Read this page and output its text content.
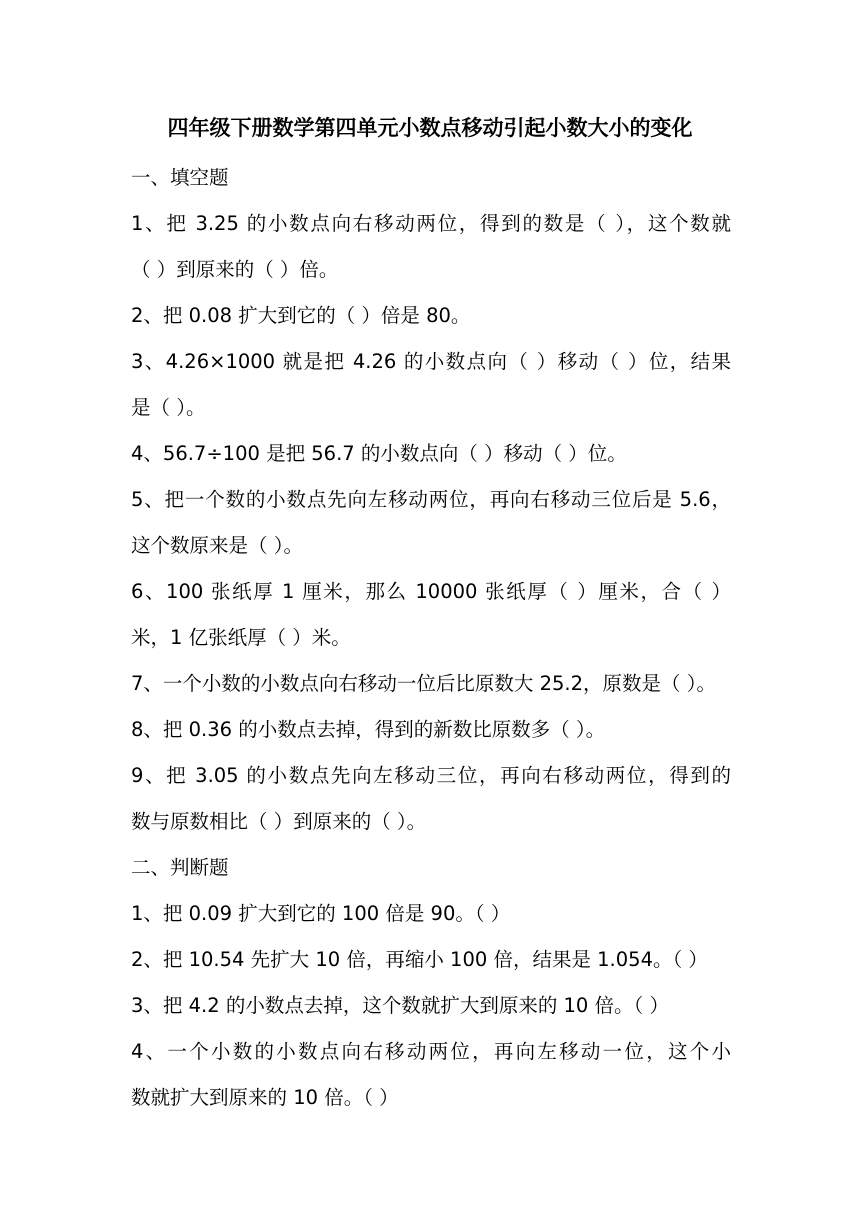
四年级下册数学第四单元小数点移动引起小数大小的变化
一、填空题
1、把 3.25 的小数点向右移动两位，得到的数是（ ），这个数就
（ ）到原来的（ ）倍。
2、把 0.08 扩大到它的（ ）倍是 80。
3、4.26×1000 就是把 4.26 的小数点向（ ）移动（ ）位，结果
是（ ）。
4、56.7÷100 是把 56.7 的小数点向（ ）移动（ ）位。
5、把一个数的小数点先向左移动两位，再向右移动三位后是 5.6，
这个数原来是（ ）。
6、100 张纸厚 1 厘米，那么 10000 张纸厚（ ）厘米，合（ ）
米，1 亿张纸厚（ ）米。
7、一个小数的小数点向右移动一位后比原数大 25.2，原数是（ ）。
8、把 0.36 的小数点去掉，得到的新数比原数多（ ）。
9、把 3.05 的小数点先向左移动三位，再向右移动两位，得到的
数与原数相比（ ）到原来的（ ）。
二、判断题
1、把 0.09 扩大到它的 100 倍是 90。（ ）
2、把 10.54 先扩大 10 倍，再缩小 100 倍，结果是 1.054。（ ）
3、把 4.2 的小数点去掉，这个数就扩大到原来的 10 倍。（ ）
4、一个小数的小数点向右移动两位，再向左移动一位，这个小
数就扩大到原来的 10 倍。（ ）
